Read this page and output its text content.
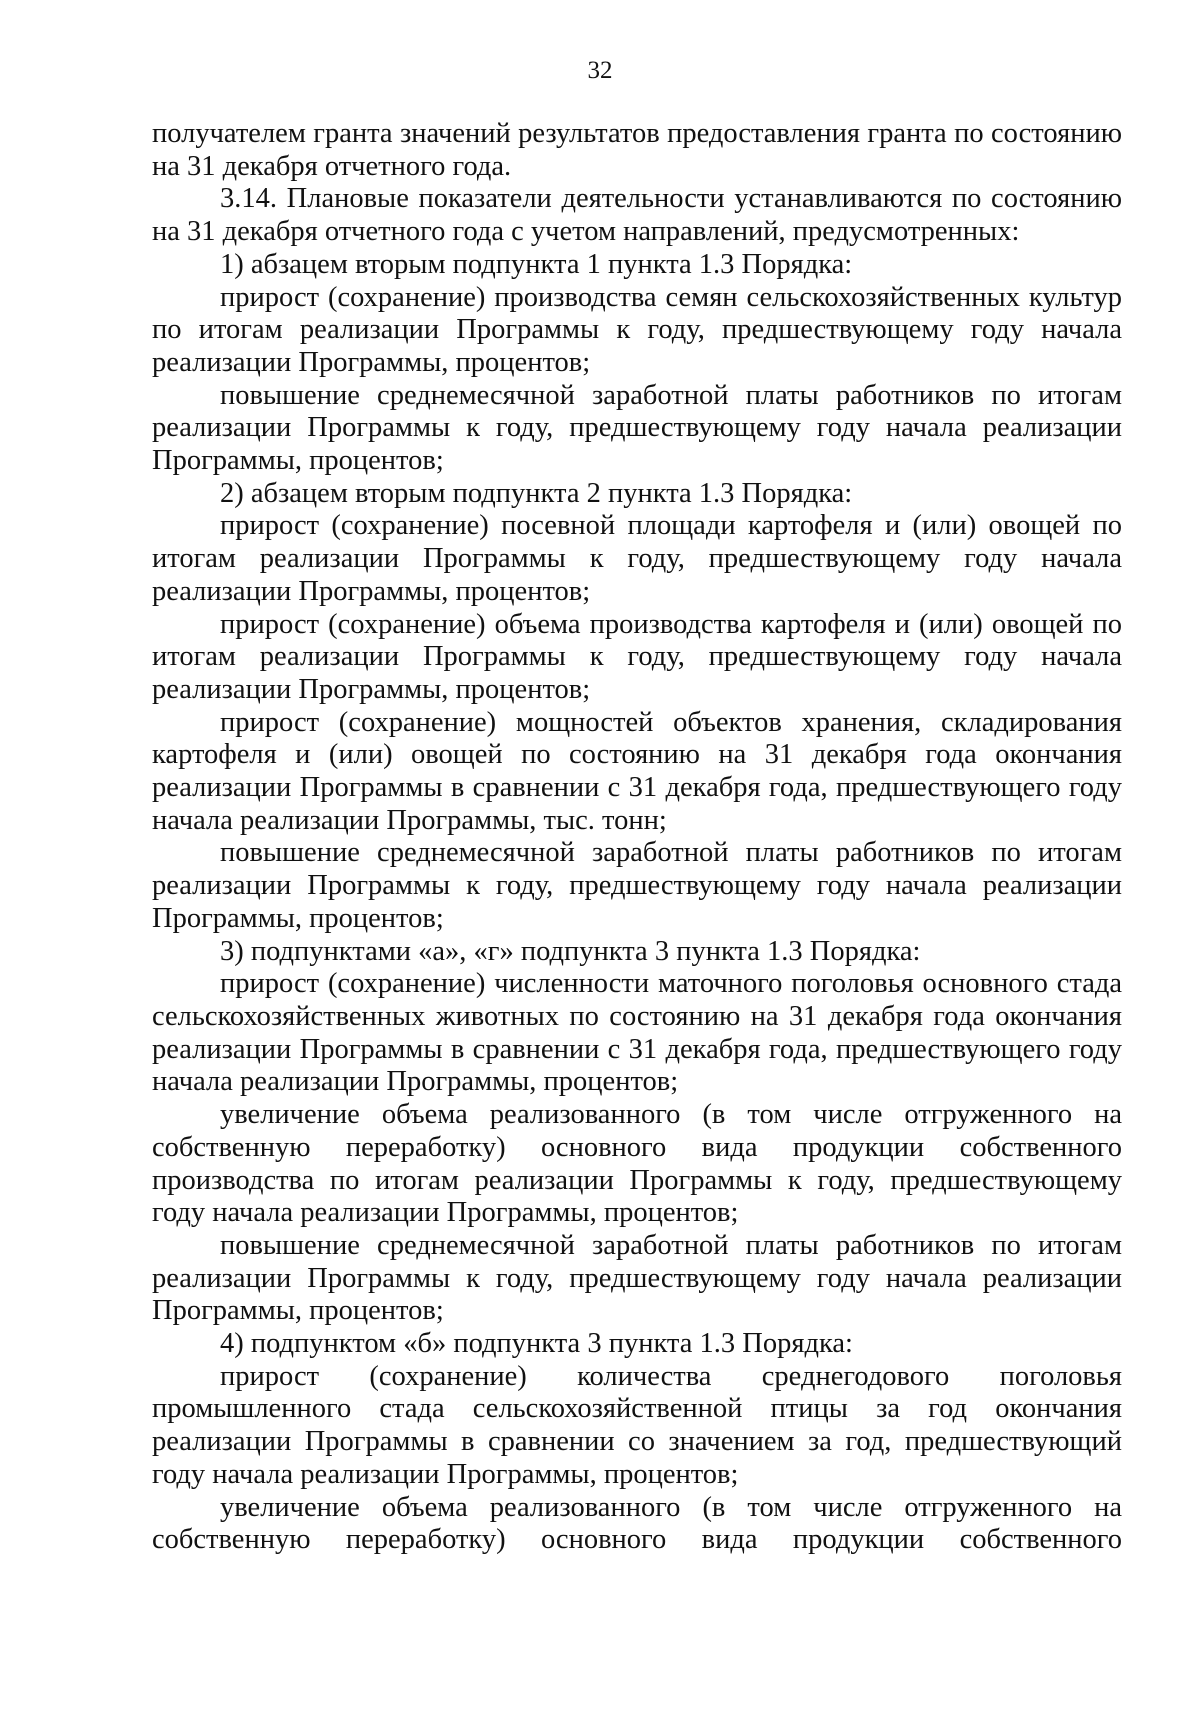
32

получателем гранта значений результатов предоставления гранта по состоянию на 31 декабря отчетного года.

3.14. Плановые показатели деятельности устанавливаются по состоянию на 31 декабря отчетного года с учетом направлений, предусмотренных:

1) абзацем вторым подпункта 1 пункта 1.3 Порядка:

прирост (сохранение) производства семян сельскохозяйственных культур по итогам реализации Программы к году, предшествующему году начала реализации Программы, процентов;

повышение среднемесячной заработной платы работников по итогам реализации Программы к году, предшествующему году начала реализации Программы, процентов;

2) абзацем вторым подпункта 2 пункта 1.3 Порядка:

прирост (сохранение) посевной площади картофеля и (или) овощей по итогам реализации Программы к году, предшествующему году начала реализации Программы, процентов;

прирост (сохранение) объема производства картофеля и (или) овощей по итогам реализации Программы к году, предшествующему году начала реализации Программы, процентов;

прирост (сохранение) мощностей объектов хранения, складирования картофеля и (или) овощей по состоянию на 31 декабря года окончания реализации Программы в сравнении с 31 декабря года, предшествующего году начала реализации Программы, тыс. тонн;

повышение среднемесячной заработной платы работников по итогам реализации Программы к году, предшествующему году начала реализации Программы, процентов;

3) подпунктами «а», «г» подпункта 3 пункта 1.3 Порядка:

прирост (сохранение) численности маточного поголовья основного стада сельскохозяйственных животных по состоянию на 31 декабря года окончания реализации Программы в сравнении с 31 декабря года, предшествующего году начала реализации Программы, процентов;

увеличение объема реализованного (в том числе отгруженного на собственную переработку) основного вида продукции собственного производства по итогам реализации Программы к году, предшествующему году начала реализации Программы, процентов;

повышение среднемесячной заработной платы работников по итогам реализации Программы к году, предшествующему году начала реализации Программы, процентов;

4) подпунктом «б» подпункта 3 пункта 1.3 Порядка:

прирост (сохранение) количества среднегодового поголовья промышленного стада сельскохозяйственной птицы за год окончания реализации Программы в сравнении со значением за год, предшествующий году начала реализации Программы, процентов;

увеличение объема реализованного (в том числе отгруженного на собственную переработку) основного вида продукции собственного
